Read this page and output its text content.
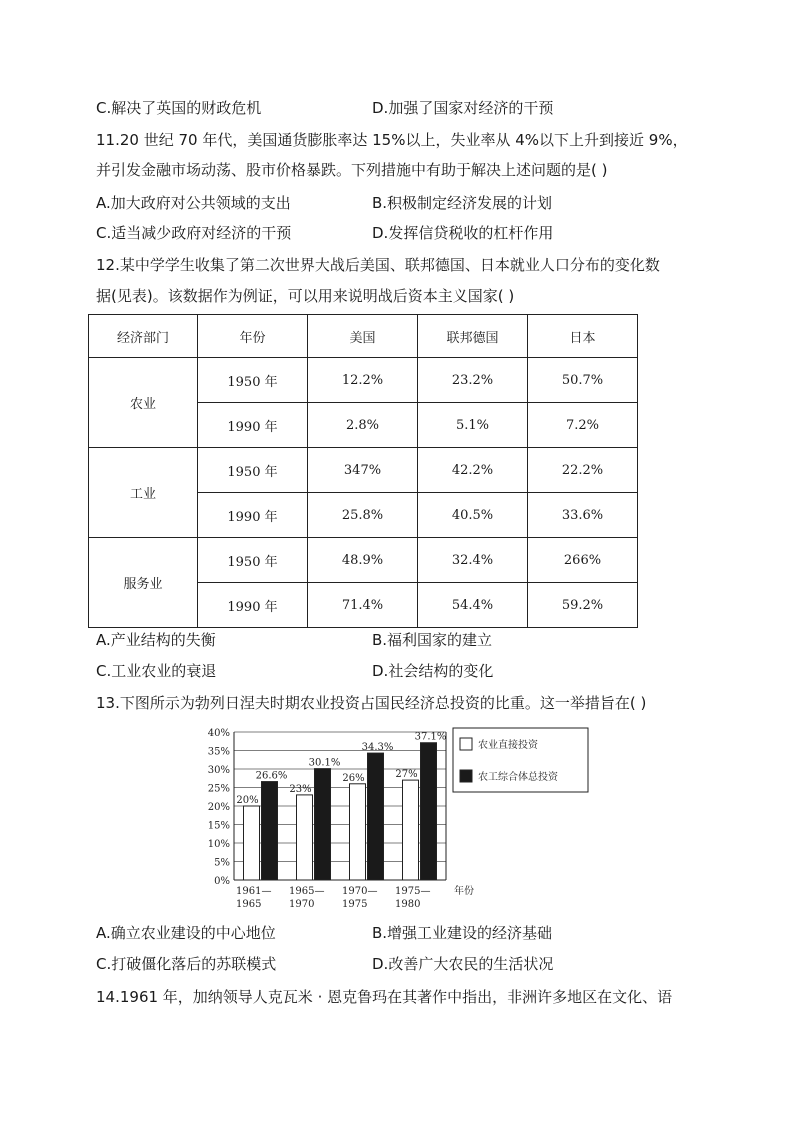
C.解决了英国的财政危机	D.加强了国家对经济的干预
11.20 世纪 70 年代，美国通货膨胀率达 15%以上，失业率从 4%以下上升到接近 9%，
并引发金融市场动荡、股市价格暴跌。下列措施中有助于解决上述问题的是( )
A.加大政府对公共领域的支出	B.积极制定经济发展的计划
C.适当减少政府对经济的干预	D.发挥信贷税收的杠杆作用
12.某中学学生收集了第二次世界大战后美国、联邦德国、日本就业人口分布的变化数
据(见表)。该数据作为例证，可以用来说明战后资本主义国家( )
经济部门	年份	美国	联邦德国	日本
农业	1950 年	12.2%	23.2%	50.7%
	1990 年	2.8%	5.1%	7.2%
工业	1950 年	347%	42.2%	22.2%
	1990 年	25.8%	40.5%	33.6%
服务业	1950 年	48.9%	32.4%	266%
	1990 年	71.4%	54.4%	59.2%
A.产业结构的失衡	B.福利国家的建立
C.工业农业的衰退	D.社会结构的变化
13.下图所示为勃列日涅夫时期农业投资占国民经济总投资的比重。这一举措旨在( )
0%
5%
10%
15%
20%
25%
30%
35%
40%
20%
26.6%
1961—
1965
23%
30.1%
1965—
1970
26%
34.3%
1970—
1975
27%
37.1%
1975—
1980
年份
农业直接投资
农工综合体总投资
A.确立农业建设的中心地位	B.增强工业建设的经济基础
C.打破僵化落后的苏联模式	D.改善广大农民的生活状况
14.1961 年，加纳领导人克瓦米 · 恩克鲁玛在其著作中指出，非洲许多地区在文化、语
